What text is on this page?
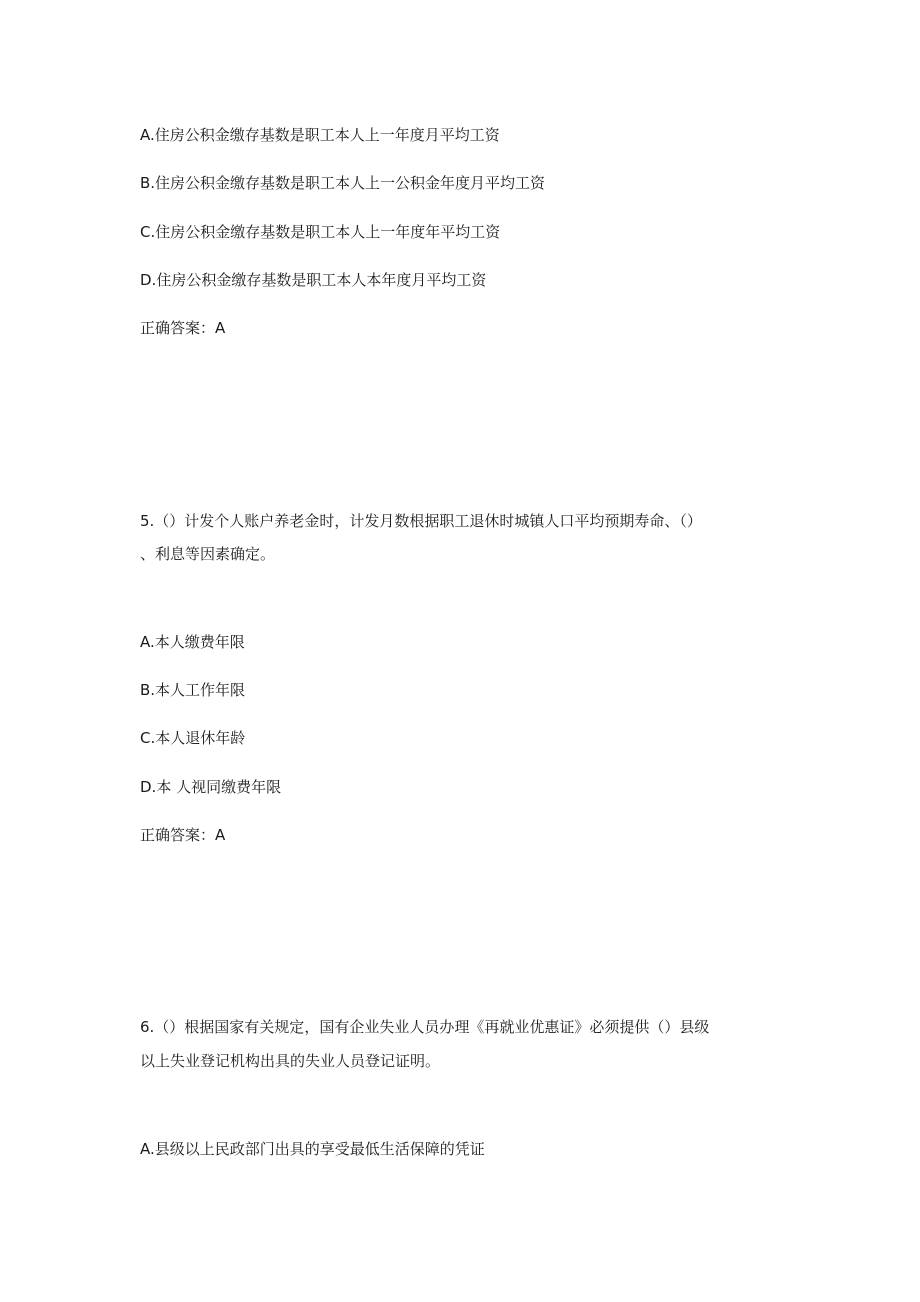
A.住房公积金缴存基数是职工本人上一年度月平均工资

B.住房公积金缴存基数是职工本人上一公积金年度月平均工资

C.住房公积金缴存基数是职工本人上一年度年平均工资

D.住房公积金缴存基数是职工本人本年度月平均工资

正确答案：A

5.（）计发个人账户养老金时，计发月数根据职工退休时城镇人口平均预期寿命、（）

、利息等因素确定。

A.本人缴费年限

B.本人工作年限

C.本人退休年龄

D.本 人视同缴费年限

正确答案：A

6.（）根据国家有关规定，国有企业失业人员办理《再就业优惠证》必须提供（）县级

以上失业登记机构出具的失业人员登记证明。

A.县级以上民政部门出具的享受最低生活保障的凭证
